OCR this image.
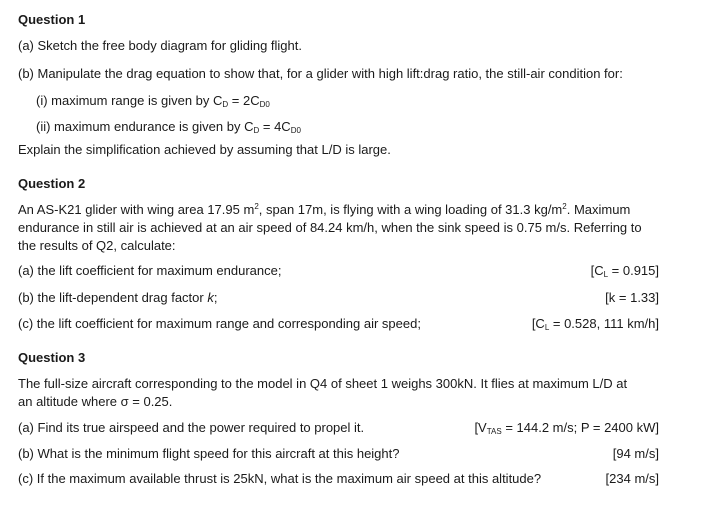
Question 1
(a) Sketch the free body diagram for gliding flight.
(b) Manipulate the drag equation to show that, for a glider with high lift:drag ratio, the still-air condition for:
(i) maximum range is given by $C_D = 2C_{D0}$
(ii) maximum endurance is given by $C_D = 4C_{D0}$
Explain the simplification achieved by assuming that L/D is large.
Question 2
An AS-K21 glider with wing area 17.95 $m^2$, span 17m, is flying with a wing loading of 31.3 $kg/m^2$. Maximum
endurance in still air is achieved at an air speed of 84.24 km/h, when the sink speed is 0.75 m/s. Referring to
the results of Q2, calculate:
(a) the lift coefficient for maximum endurance;	$[C_L = 0.915]$
(b) the lift-dependent drag factor k;	[k = 1.33]
(c) the lift coefficient for maximum range and corresponding air speed;	[$C_L = 0.528$, 111 km/h]
Question 3
The full-size aircraft corresponding to the model in Q4 of sheet 1 weighs 300kN. It flies at maximum L/D at
an altitude where σ = 0.25.
(a) Find its true airspeed and the power required to propel it.	[$V_{TAS} = 144.2$ m/s; P = 2400 kW]
(b) What is the minimum flight speed for this aircraft at this height?	[94 m/s]
(c) If the maximum available thrust is 25kN, what is the maximum air speed at this altitude?	[234 m/s]
